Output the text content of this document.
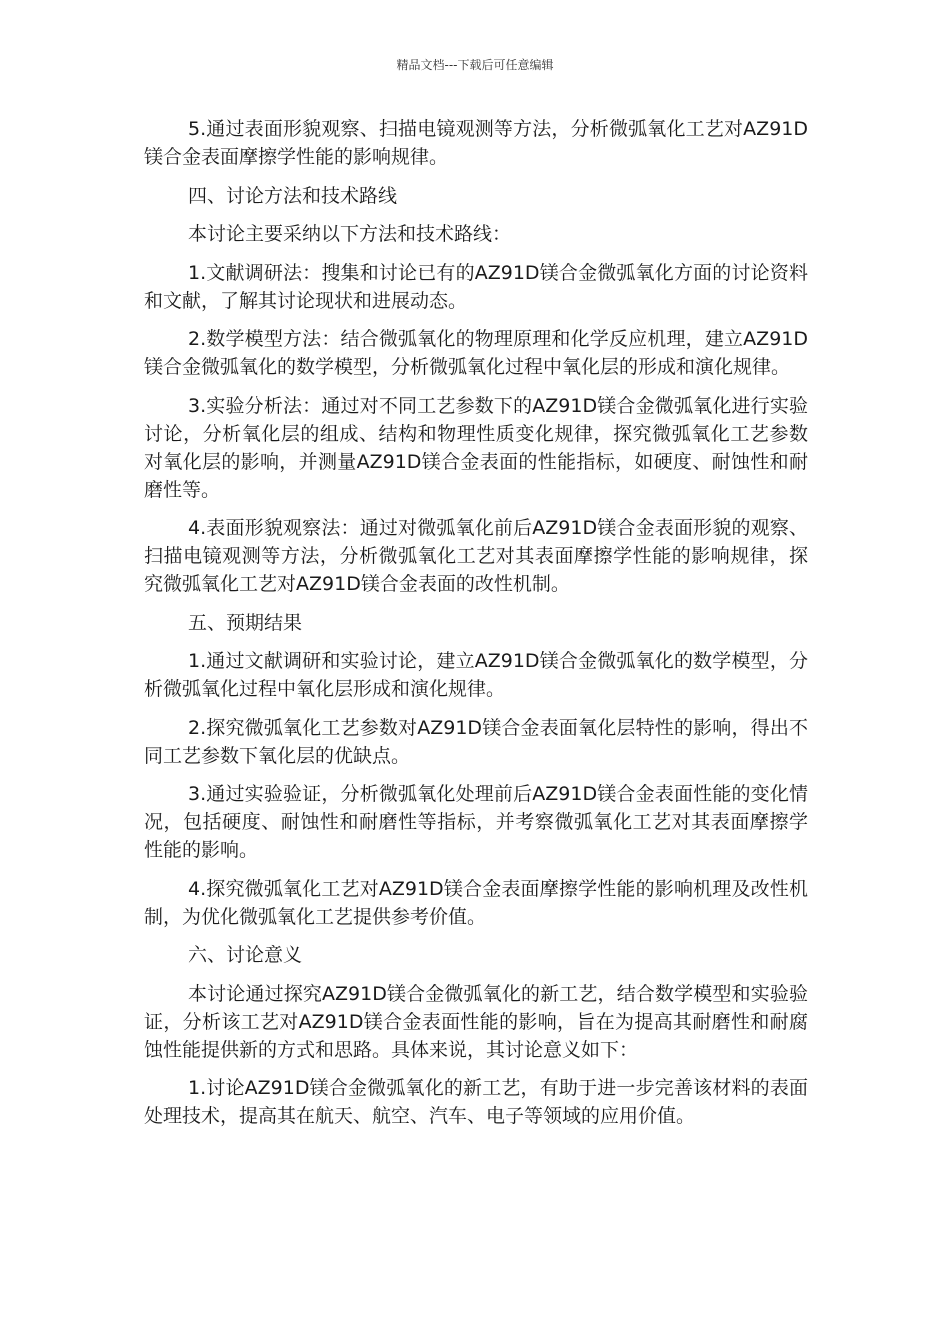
精品文档---下载后可任意编辑

5.通过表面形貌观察、扫描电镜观测等方法，分析微弧氧化工艺对AZ91D镁合金表面摩擦学性能的影响规律。

四、讨论方法和技术路线

本讨论主要采纳以下方法和技术路线：

1.文献调研法：搜集和讨论已有的AZ91D镁合金微弧氧化方面的讨论资料和文献，了解其讨论现状和进展动态。

2.数学模型方法：结合微弧氧化的物理原理和化学反应机理，建立AZ91D镁合金微弧氧化的数学模型，分析微弧氧化过程中氧化层的形成和演化规律。

3.实验分析法：通过对不同工艺参数下的AZ91D镁合金微弧氧化进行实验讨论，分析氧化层的组成、结构和物理性质变化规律，探究微弧氧化工艺参数对氧化层的影响，并测量AZ91D镁合金表面的性能指标，如硬度、耐蚀性和耐磨性等。

4.表面形貌观察法：通过对微弧氧化前后AZ91D镁合金表面形貌的观察、扫描电镜观测等方法，分析微弧氧化工艺对其表面摩擦学性能的影响规律，探究微弧氧化工艺对AZ91D镁合金表面的改性机制。

五、预期结果

1.通过文献调研和实验讨论，建立AZ91D镁合金微弧氧化的数学模型，分析微弧氧化过程中氧化层形成和演化规律。

2.探究微弧氧化工艺参数对AZ91D镁合金表面氧化层特性的影响，得出不同工艺参数下氧化层的优缺点。

3.通过实验验证，分析微弧氧化处理前后AZ91D镁合金表面性能的变化情况，包括硬度、耐蚀性和耐磨性等指标，并考察微弧氧化工艺对其表面摩擦学性能的影响。

4.探究微弧氧化工艺对AZ91D镁合金表面摩擦学性能的影响机理及改性机制，为优化微弧氧化工艺提供参考价值。

六、讨论意义

本讨论通过探究AZ91D镁合金微弧氧化的新工艺，结合数学模型和实验验证，分析该工艺对AZ91D镁合金表面性能的影响，旨在为提高其耐磨性和耐腐蚀性能提供新的方式和思路。具体来说，其讨论意义如下：

1.讨论AZ91D镁合金微弧氧化的新工艺，有助于进一步完善该材料的表面处理技术，提高其在航天、航空、汽车、电子等领域的应用价值。
